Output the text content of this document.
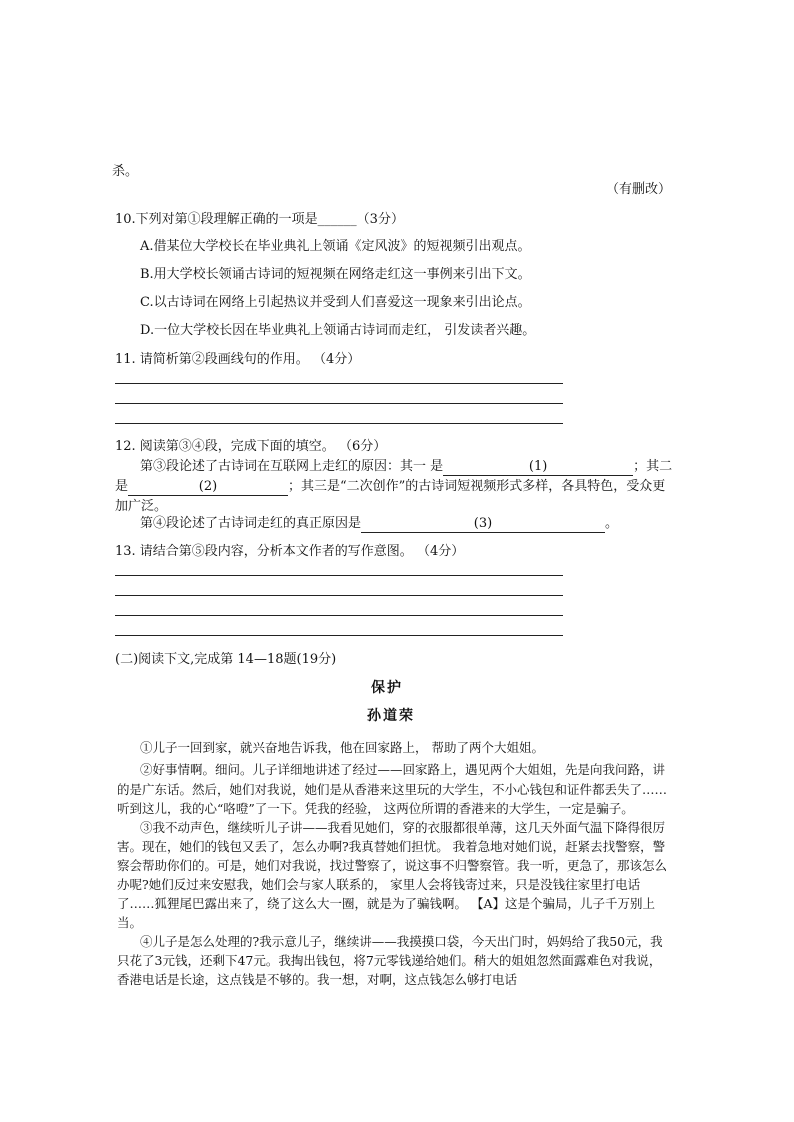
杀。
（有删改）
10.下列对第①段理解正确的一项是______（3分）
A.借某位大学校长在毕业典礼上领诵《定风波》的短视频引出观点。
B.用大学校长领诵古诗词的短视频在网络走红这一事例来引出下文。
C.以古诗词在网络上引起热议并受到人们喜爱这一现象来引出论点。
D.一位大学校长因在毕业典礼上领诵古诗词而走红， 引发读者兴趣。
11. 请简析第②段画线句的作用。 （4分）
12. 阅读第③④段，完成下面的填空。 （6分）
第③段论述了古诗词在互联网上走红的原因：其一 是	(1)	；其二
是	(2)	；其三是“二次创作”的古诗词短视频形式多样，各具特色，受众更
加广泛。
第④段论述了古诗词走红的真正原因是	(3)	。
13. 请结合第⑤段内容，分析本文作者的写作意图。 （4分）
(二)阅读下文,完成第 14—18题(19分)
保护
孙道荣
①儿子一回到家，就兴奋地告诉我，他在回家路上， 帮助了两个大姐姐。
②好事情啊。细问。儿子详细地讲述了经过——回家路上，遇见两个大姐姐，先是向我问路，讲
的是广东话。然后，她们对我说，她们是从香港来这里玩的大学生，不小心钱包和证件都丢失了……
听到这儿，我的心“咯噔”了一下。凭我的经验， 这两位所谓的香港来的大学生，一定是骗子。
③我不动声色，继续听儿子讲——我看见她们，穿的衣服都很单薄，这几天外面气温下降得很厉
害。现在，她们的钱包又丢了，怎么办啊?我真替她们担忧。 我着急地对她们说，赶紧去找警察，警
察会帮助你们的。可是，她们对我说，找过警察了，说这事不归警察管。我一听，更急了，那该怎么
办呢?她们反过来安慰我，她们会与家人联系的， 家里人会将钱寄过来，只是没钱往家里打电话
了……狐狸尾巴露出来了，绕了这么大一圈，就是为了骗钱啊。 【A】这是个骗局，儿子千万别上
当。
④儿子是怎么处理的?我示意儿子，继续讲——我摸摸口袋，今天出门时，妈妈给了我50元，我
只花了3元钱，还剩下47元。我掏出钱包，将7元零钱递给她们。稍大的姐姐忽然面露难色对我说，
香港电话是长途，这点钱是不够的。我一想，对啊，这点钱怎么够打电话
